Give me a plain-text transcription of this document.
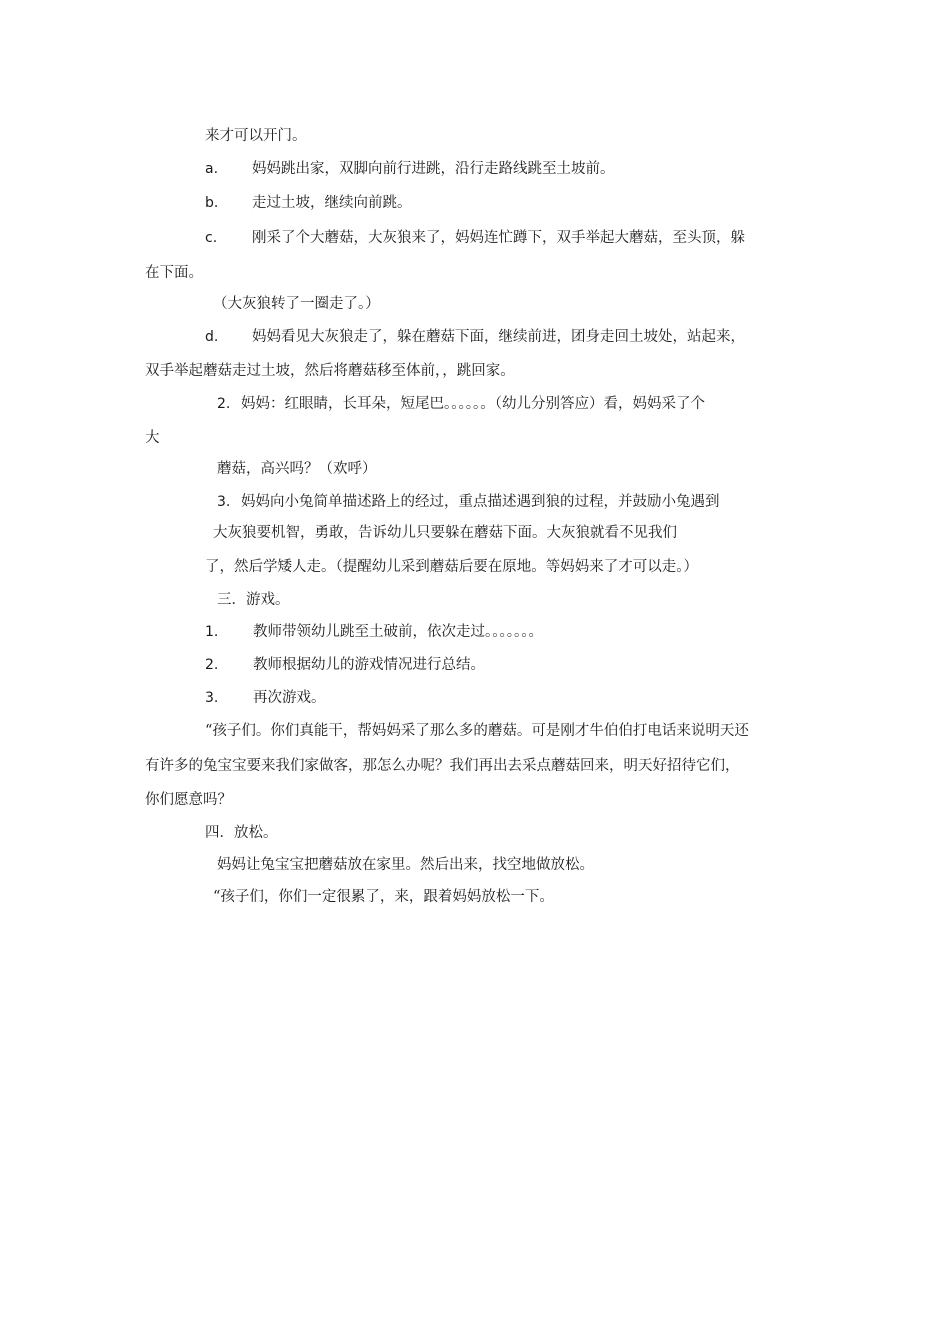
来才可以开门。
a. 妈妈跳出家，双脚向前行进跳，沿行走路线跳至土坡前。
b. 走过土坡，继续向前跳。
c. 刚采了个大蘑菇，大灰狼来了，妈妈连忙蹲下，双手举起大蘑菇，至头顶，躲
在下面。
（大灰狼转了一圈走了。）
d. 妈妈看见大灰狼走了，躲在蘑菇下面，继续前进，团身走回土坡处，站起来，
双手举起蘑菇走过土坡，然后将蘑菇移至体前，，跳回家。
2. 妈妈：红眼睛，长耳朵，短尾巴。。。。。。（幼儿分别答应）看，妈妈采了个
大
蘑菇，高兴吗？（欢呼）
3. 妈妈向小兔简单描述路上的经过，重点描述遇到狼的过程，并鼓励小兔遇到
大灰狼要机智，勇敢，告诉幼儿只要躲在蘑菇下面。大灰狼就看不见我们
了，然后学矮人走。（提醒幼儿采到蘑菇后要在原地。等妈妈来了才可以走。）
三．游戏。
1. 教师带领幼儿跳至土破前，依次走过。。。。。。。
2. 教师根据幼儿的游戏情况进行总结。
3. 再次游戏。
“孩子们。你们真能干，帮妈妈采了那么多的蘑菇。可是刚才牛伯伯打电话来说明天还
有许多的兔宝宝要来我们家做客，那怎么办呢？我们再出去采点蘑菇回来，明天好招待它们，
你们愿意吗？
四．放松。
妈妈让兔宝宝把蘑菇放在家里。然后出来，找空地做放松。
“孩子们，你们一定很累了，来，跟着妈妈放松一下。
